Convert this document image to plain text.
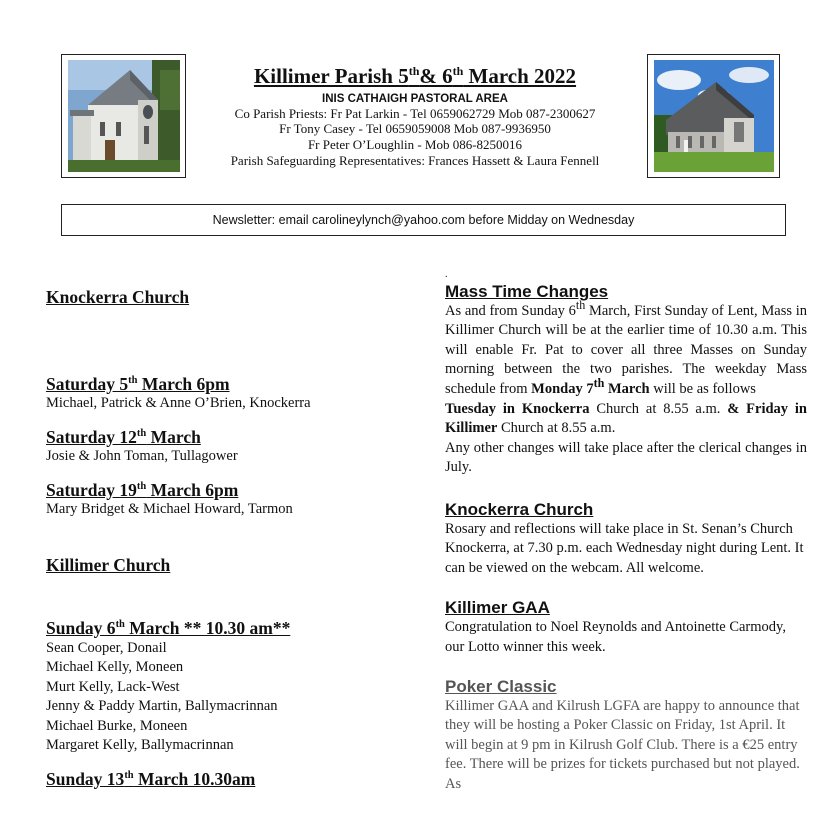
Killimer Parish 5th& 6th March 2022
INIS CATHAIGH PASTORAL AREA
Co Parish Priests: Fr Pat Larkin - Tel 0659062729 Mob 087-2300627
Fr Tony Casey - Tel 0659059008 Mob 087-9936950
Fr Peter O’Loughlin - Mob 086-8250016
Parish Safeguarding Representatives: Frances Hassett & Laura Fennell
Newsletter: email carolineylynch@yahoo.com before Midday on Wednesday
Knockerra Church
Saturday 5th March 6pm
Michael, Patrick & Anne O’Brien, Knockerra
Saturday 12th March
Josie & John Toman, Tullagower
Saturday 19th March 6pm
Mary Bridget & Michael Howard, Tarmon
Killimer Church
Sunday 6th March ** 10.30 am**
Sean Cooper, Donail
Michael Kelly, Moneen
Murt Kelly, Lack-West
Jenny & Paddy Martin, Ballymacrinnan
Michael Burke, Moneen
Margaret Kelly, Ballymacrinnan
Sunday 13th March 10.30am
.
Mass Time Changes
As and from Sunday 6th March, First Sunday of Lent, Mass in Killimer Church will be at the earlier time of 10.30 a.m. This will enable Fr. Pat to cover all three Masses on Sunday morning between the two parishes. The weekday Mass schedule from Monday 7th March will be as follows
Tuesday in Knockerra Church at 8.55 a.m. & Friday in Killimer Church at 8.55 a.m.
Any other changes will take place after the clerical changes in July.
Knockerra Church
Rosary and reflections will take place in St. Senan’s Church Knockerra, at 7.30 p.m. each Wednesday night during Lent. It can be viewed on the webcam. All welcome.
Killimer GAA
Congratulation to Noel Reynolds and Antoinette Carmody, our Lotto winner this week.
Poker Classic
Killimer GAA and Kilrush LGFA are happy to announce that they will be hosting a Poker Classic on Friday, 1st April. It will begin at 9 pm in Kilrush Golf Club. There is a €25 entry fee. There will be prizes for tickets purchased but not played. As
